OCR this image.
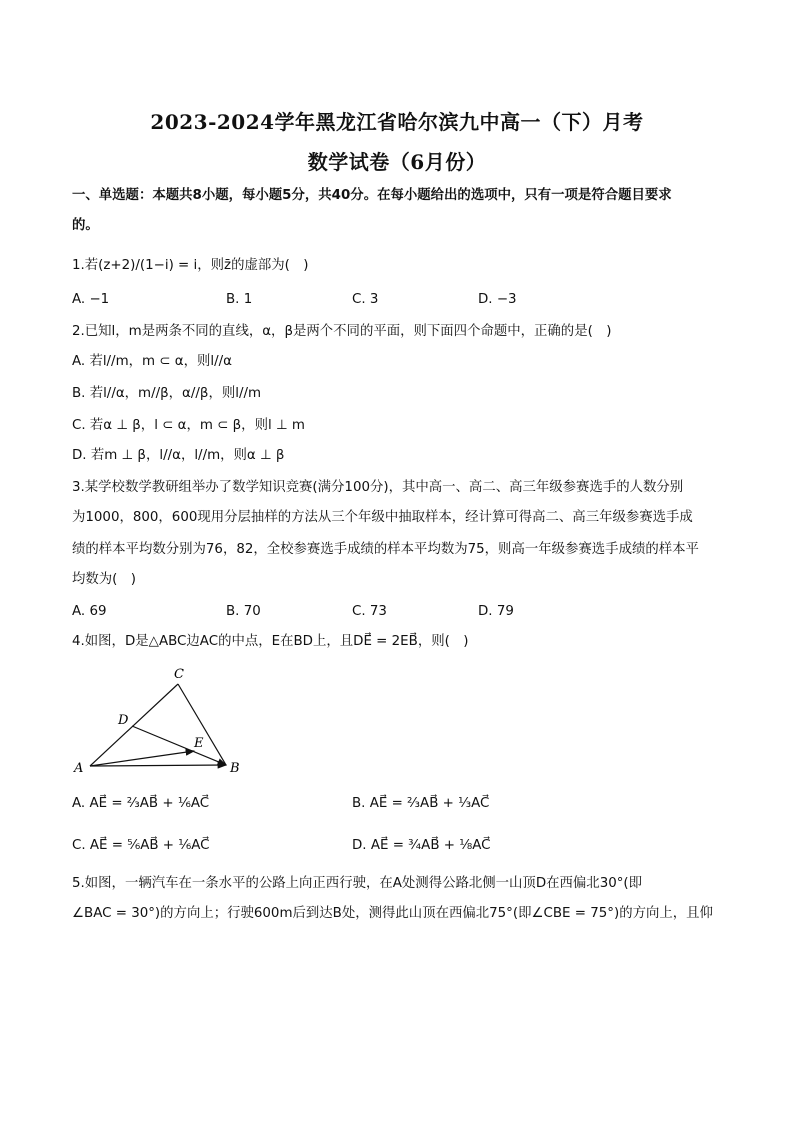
2023-2024学年黑龙江省哈尔滨九中高一（下）月考
数学试卷（6月份）
一、单选题：本题共8小题，每小题5分，共40分。在每小题给出的选项中，只有一项是符合题目要求
的。
1.若(z+2)/(1−i) = i，则z̄的虚部为(　)
A. −1	B. 1	C. 3	D. −3
2.已知l，m是两条不同的直线，α，β是两个不同的平面，则下面四个命题中，正确的是(　)
A. 若l//m，m ⊂ α，则l//α
B. 若l//α，m//β，α//β，则l//m
C. 若α ⊥ β，l ⊂ α，m ⊂ β，则l ⊥ m
D. 若m ⊥ β，l//α，l//m，则α ⊥ β
3.某学校数学教研组举办了数学知识竞赛(满分100分)，其中高一、高二、高三年级参赛选手的人数分别
为1000，800，600现用分层抽样的方法从三个年级中抽取样本，经计算可得高二、高三年级参赛选手成
绩的样本平均数分别为76，82，全校参赛选手成绩的样本平均数为75，则高一年级参赛选手成绩的样本平
均数为(　)
A. 69	B. 70	C. 73	D. 79
4.如图，D是△ABC边AC的中点，E在BD上，且DE⃗ = 2EB⃗，则(　)
A	B
C
D
E
A. AE⃗ = ⅔AB⃗ + ⅙AC⃗	B. AE⃗ = ⅔AB⃗ + ⅓AC⃗
C. AE⃗ = ⅚AB⃗ + ⅙AC⃗	D. AE⃗ = ¾AB⃗ + ⅛AC⃗
5.如图，一辆汽车在一条水平的公路上向正西行驶，在A处测得公路北侧一山顶D在西偏北30°(即
∠BAC = 30°)的方向上；行驶600m后到达B处，测得此山顶在西偏北75°(即∠CBE = 75°)的方向上，且仰
